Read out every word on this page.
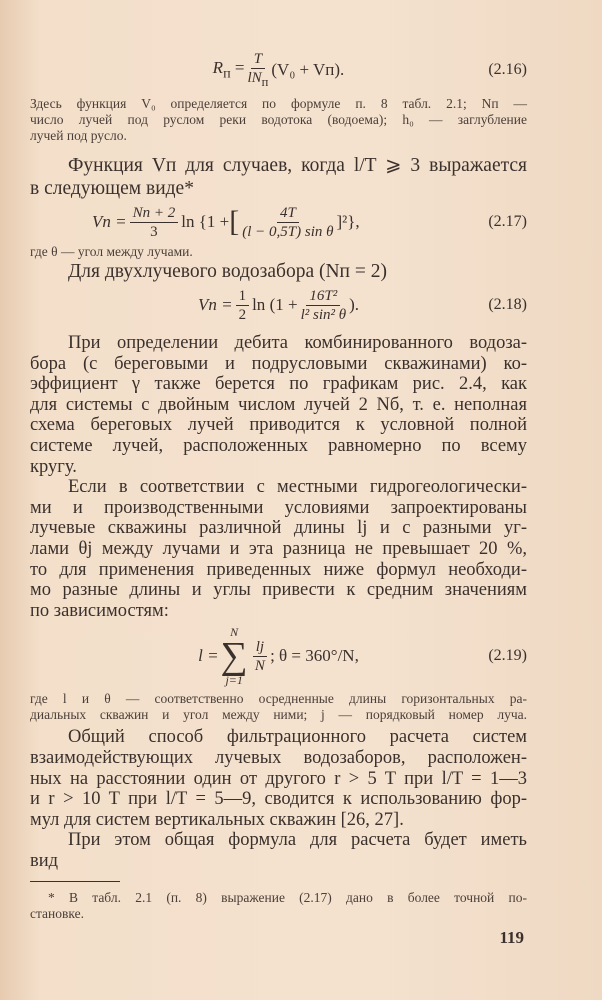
$R_п = \frac{T}{lN_п} (V_0 + Vп)$.	(2.16)
Здесь функция V₀ определяется по формуле п. 8 табл. 2.1; Nп —
число лучей под руслом реки водотока (водоема); h₀ — заглубление
лучей под русло.
Функция Vп для случаев, когда l/T ⩾ 3 выражается
в следующем виде*
Vп = $\frac{Nп + 2}{3}$ ln
{1 + [ $\frac{4T}{\text{(l − 0,5T) sin θ}} ]^2$},	(2.17)
где θ — угол между лучами.
Для двухлучевого водозабора (Nп = 2)
Vп = $\frac{1}{2}$ ln
($1 + \frac{\text{16T²}}{\text{l² sin² θ}}$ ).	(2.18)
При определении дебита комбинированного водоза-
бора (с береговыми и подрусловыми скважинами) ко-
эффициент γ также берется по графикам рис. 2.4, как
для системы с двойным числом лучей 2 Nб, т. е. неполная
схема береговых лучей приводится к условной полной
системе лучей, расположенных равномерно по всему
кругу.
Если в соответствии с местными гидрогеологически-
ми и производственными условиями запроектированы
лучевые скважины различной длины lj и с разными уг-
лами θj между лучами и эта разница не превышает 20 %,
то для применения приведенных ниже формул необходи-
мо разные длины и углы привести к средним значениям
по зависимостям:
l =
N
∑
j=1
$\frac{lj}{N}$ ; θ = 360°/N,	(2.19)
где l и θ — соответственно осредненные длины горизонтальных ра-
диальных скважин и угол между ними; j — порядковый номер луча.
Общий способ фильтрационного расчета систем
взаимодействующих лучевых водозаборов, расположен-
ных на расстоянии один от другого r > 5 T при l/T = 1—3
и r > 10 T при l/T = 5—9, сводится к использованию фор-
мул для систем вертикальных скважин [26, 27].
При этом общая формула для расчета будет иметь
вид
* В табл. 2.1 (п. 8) выражение (2.17) дано в более точной по-
становке.
119
